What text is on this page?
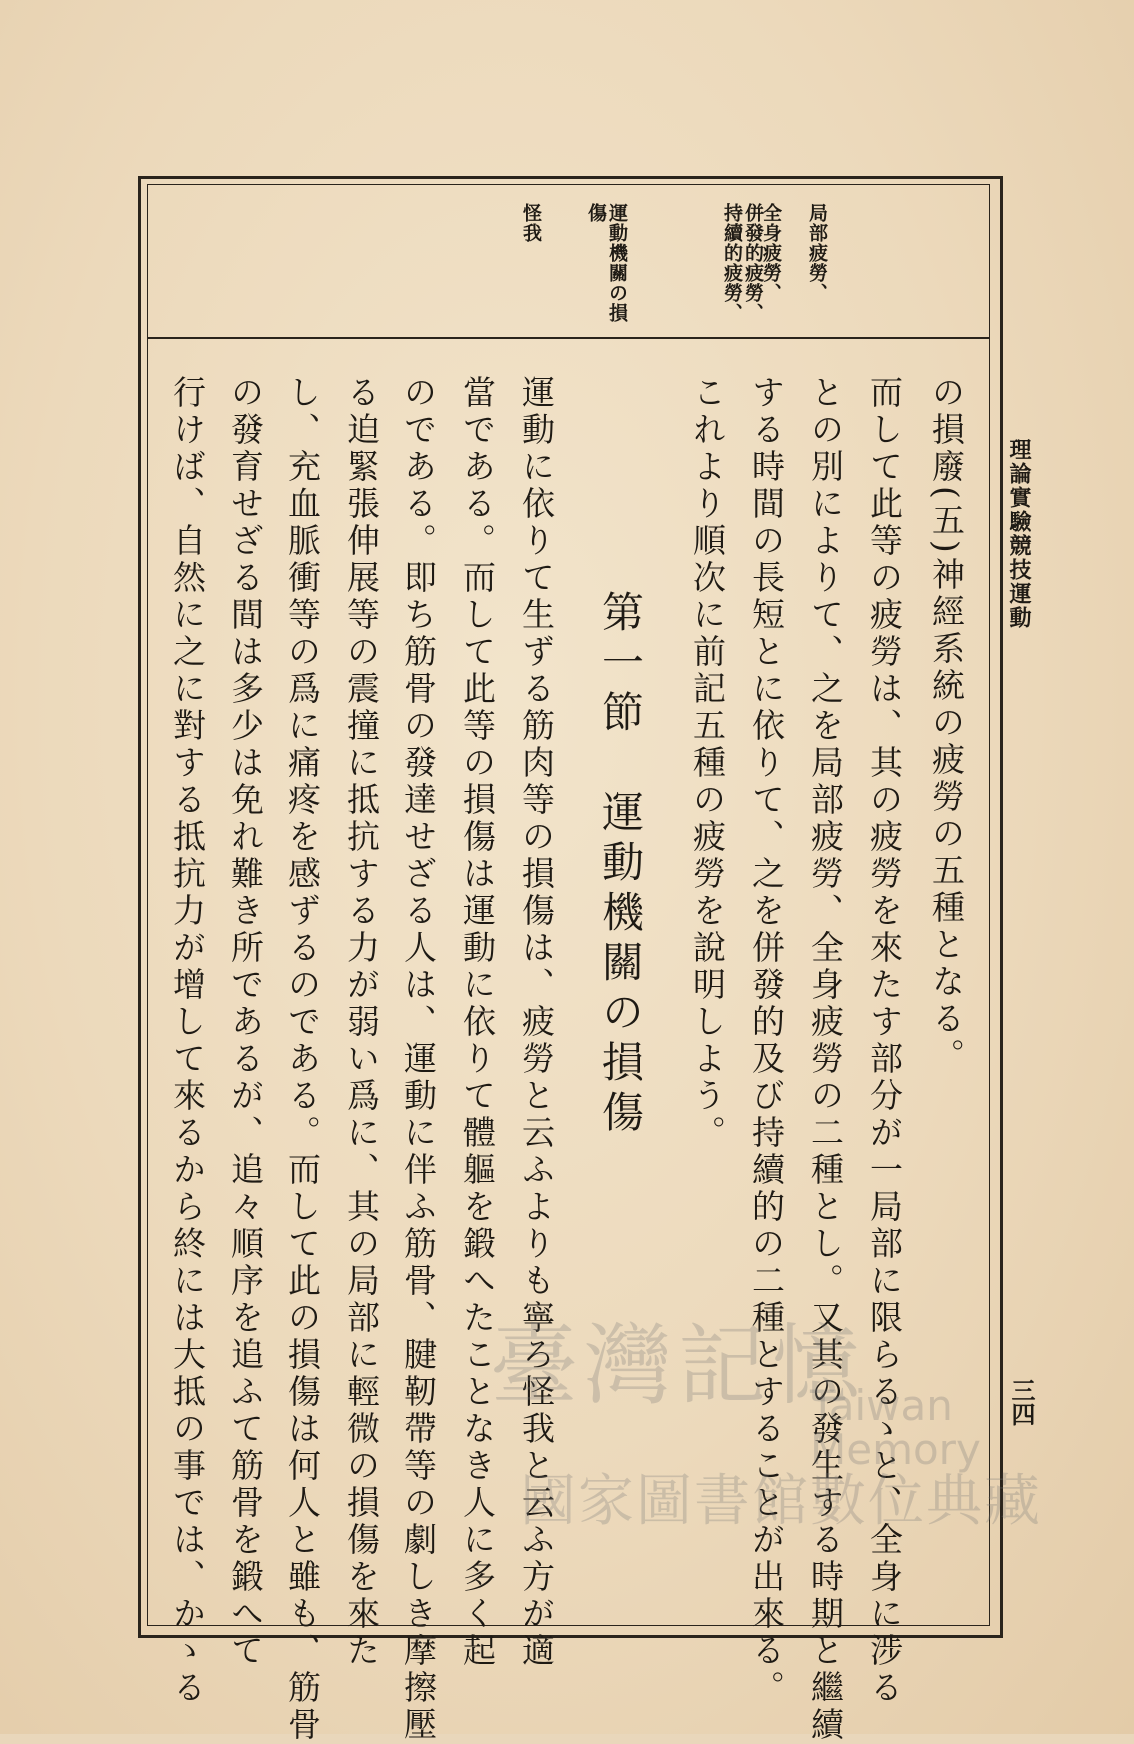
理論實驗競技運動
三四
局部疲勞、
全身疲勞、
併發的疲勞、持續的疲勞、
運動機關の損傷
怪我
の損廢(五)神經系統の疲勞の五種となる。
而して此等の疲勞は、其の疲勞を來たす部分が一局部に限らるゝと、全身に涉る
との別によりて、之を局部疲勞、全身疲勞の二種とし。又其の發生する時期と繼續
する時間の長短とに依りて、之を併發的及び持續的の二種とすることが出來る。
これより順次に前記五種の疲勞を說明しよう。
第一節　運動機關の損傷
運動に依りて生ずる筋肉等の損傷は、疲勞と云ふよりも寧ろ怪我と云ふ方が適
當である。而して此等の損傷は運動に依りて體軀を鍛へたことなき人に多く起
のである。即ち筋骨の發達せざる人は、運動に伴ふ筋骨、腱靭帶等の劇しき摩擦壓
る迫緊張伸展等の震撞に抵抗する力が弱い爲に、其の局部に輕微の損傷を來た
し、充血脈衝等の爲に痛疼を感ずるのである。而して此の損傷は何人と雖も、筋骨
の發育せざる間は多少は免れ難き所であるが、追々順序を追ふて筋骨を鍛へて
行けば、自然に之に對する抵抗力が增して來るから終には大抵の事では、かゝる	臺灣記憶
Taiwan Memory
國家圖書館數位典藏
